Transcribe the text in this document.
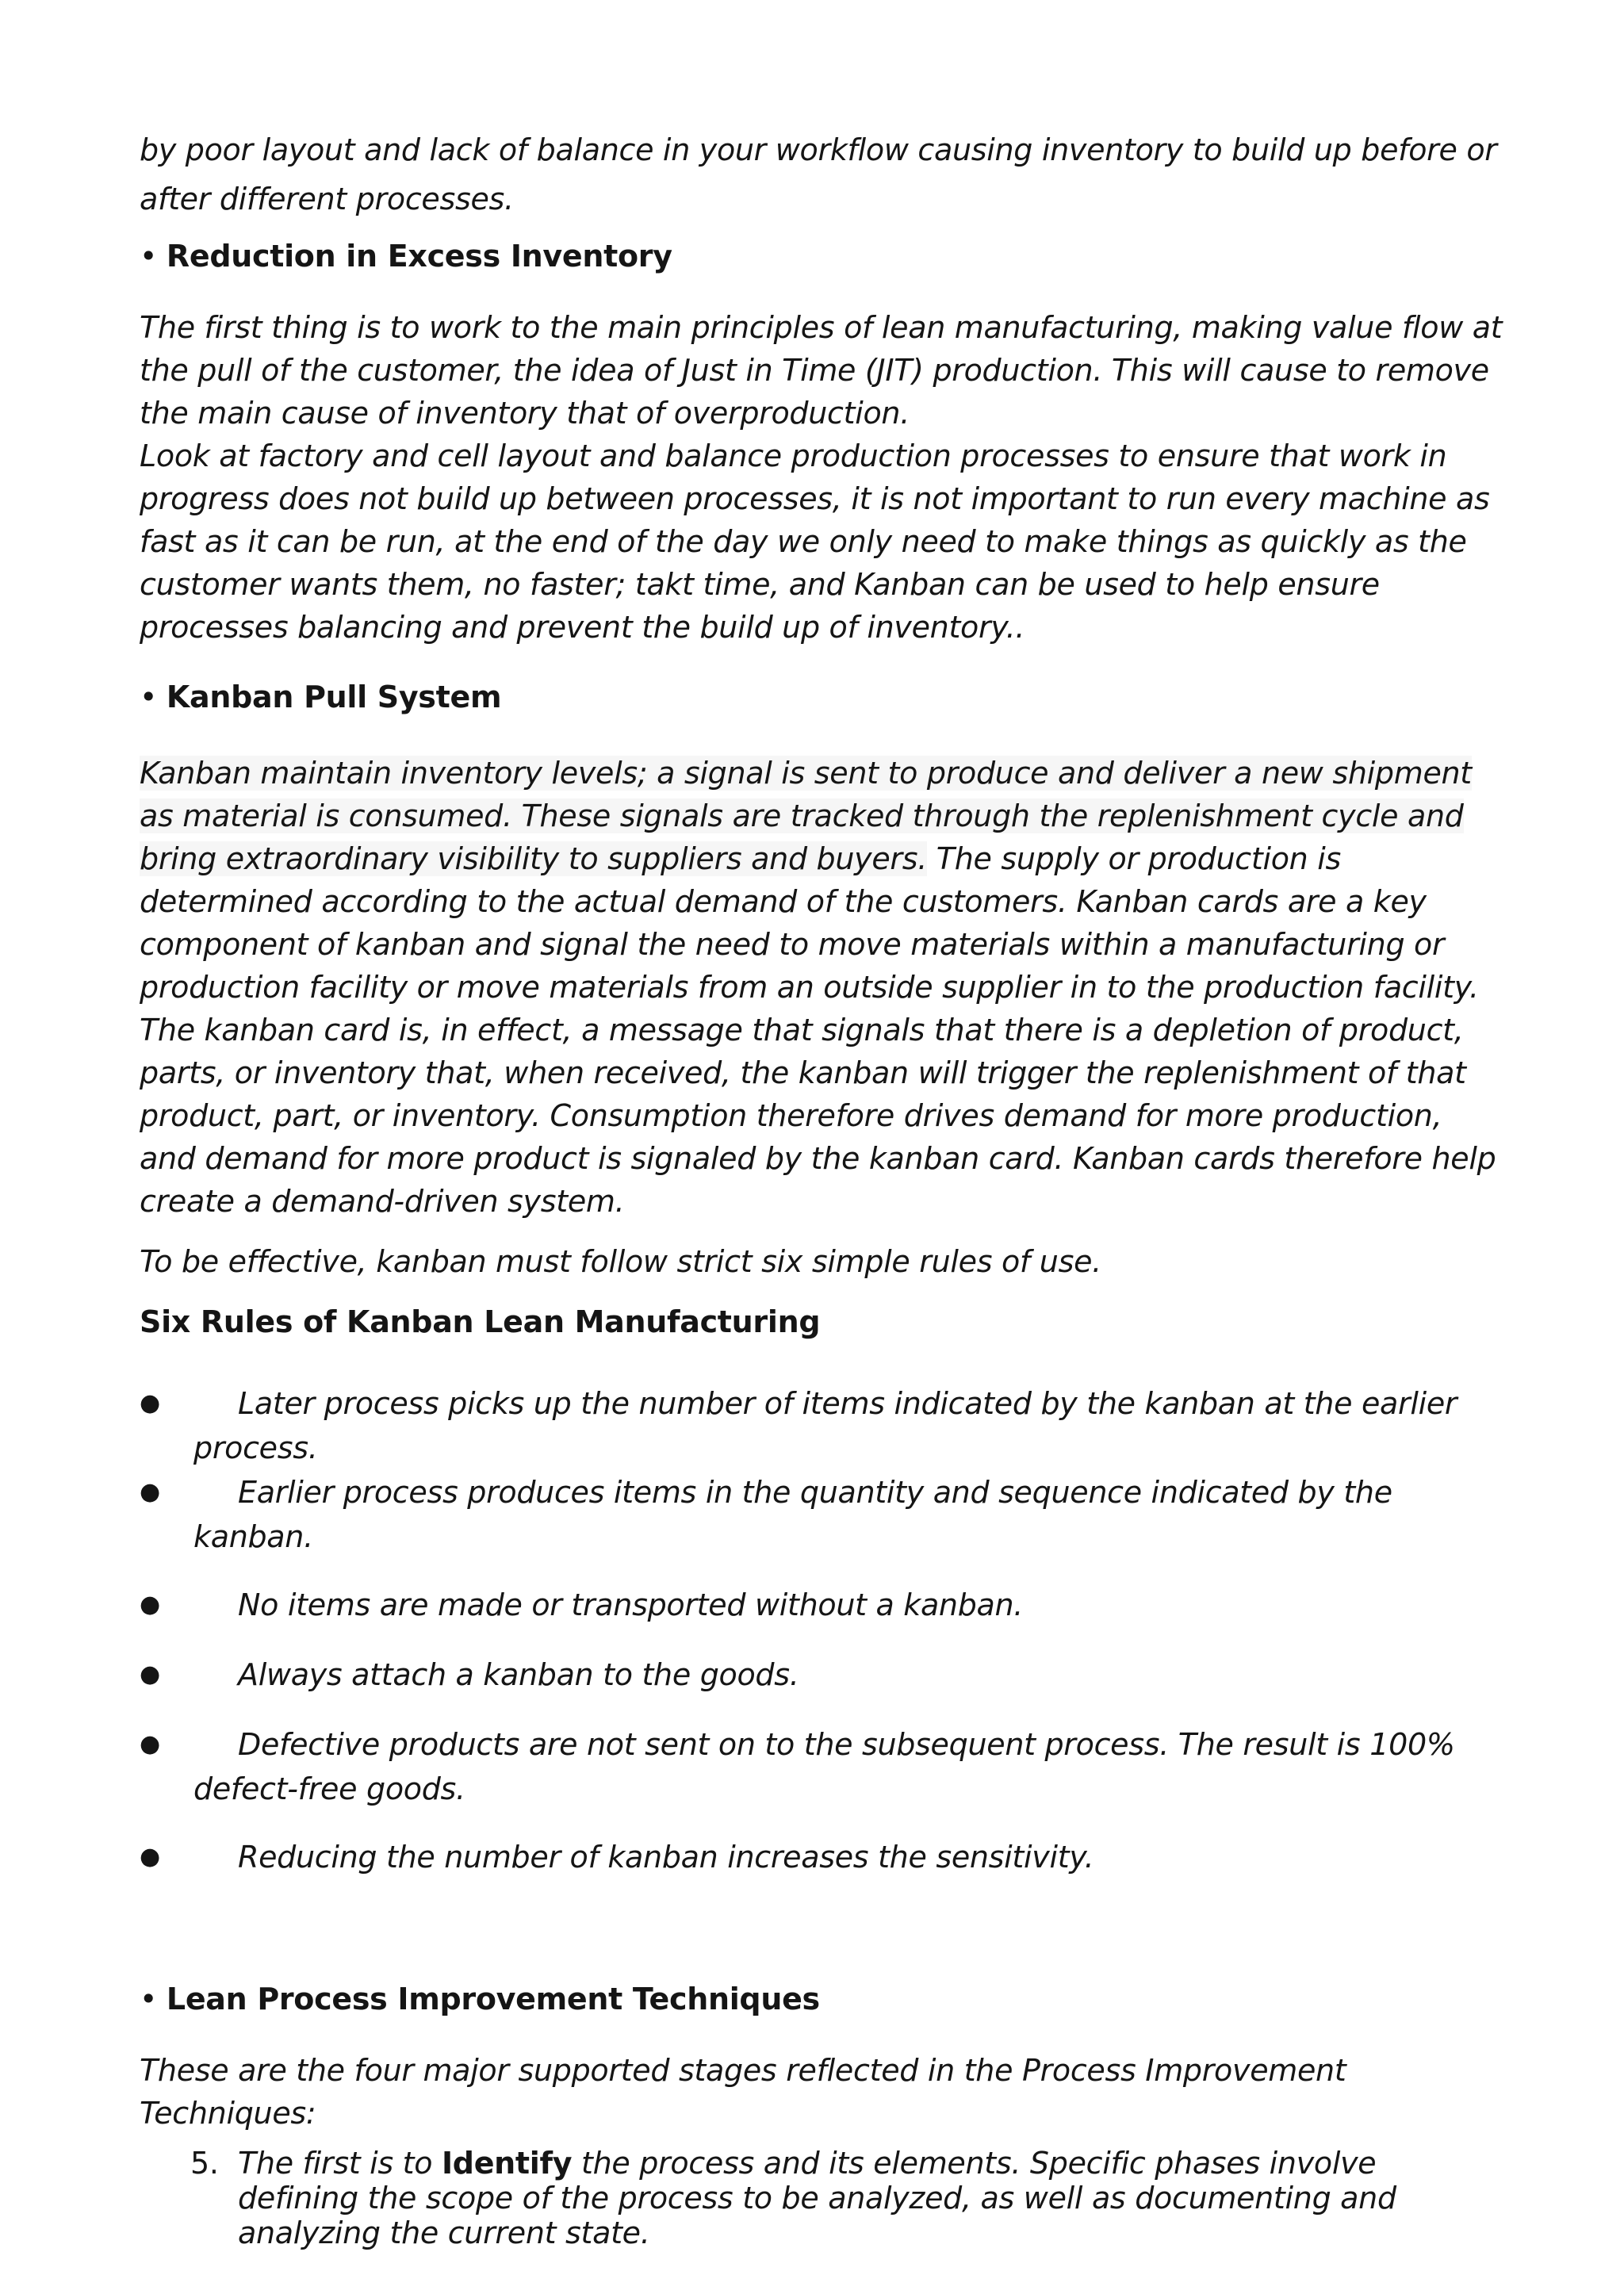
by poor layout and lack of balance in your workflow causing inventory to build up before or

after different processes.

• Reduction in Excess Inventory

The first thing is to work to the main principles of lean manufacturing, making value flow at the pull of the customer, the idea of Just in Time (JIT) production. This will cause to remove the main cause of inventory that of overproduction.

Look at factory and cell layout and balance production processes to ensure that work in progress does not build up between processes, it is not important to run every machine as fast as it can be run, at the end of the day we only need to make things as quickly as the customer wants them, no faster; takt time, and Kanban can be used to help ensure processes balancing and prevent the build up of inventory..

• Kanban Pull System

Kanban maintain inventory levels; a signal is sent to produce and deliver a new shipment as material is consumed. These signals are tracked through the replenishment cycle and bring extraordinary visibility to suppliers and buyers. The supply or production is determined according to the actual demand of the customers. Kanban cards are a key component of kanban and signal the need to move materials within a manufacturing or production facility or move materials from an outside supplier in to the production facility. The kanban card is, in effect, a message that signals that there is a depletion of product, parts, or inventory that, when received, the kanban will trigger the replenishment of that product, part, or inventory. Consumption therefore drives demand for more production, and demand for more product is signaled by the kanban card. Kanban cards therefore help create a demand-driven system.

To be effective, kanban must follow strict six simple rules of use.

Six Rules of Kanban Lean Manufacturing

●	Later process picks up the number of items indicated by the kanban at the earlier process.
●	Earlier process produces items in the quantity and sequence indicated by the kanban.
●	No items are made or transported without a kanban.
●	Always attach a kanban to the goods.
●	Defective products are not sent on to the subsequent process. The result is 100% defect-free goods.
●	Reducing the number of kanban increases the sensitivity.

• Lean Process Improvement Techniques

These are the four major supported stages reflected in the Process Improvement Techniques:

5. The first is to Identify the process and its elements. Specific phases involve defining the scope of the process to be analyzed, as well as documenting and analyzing the current state.
